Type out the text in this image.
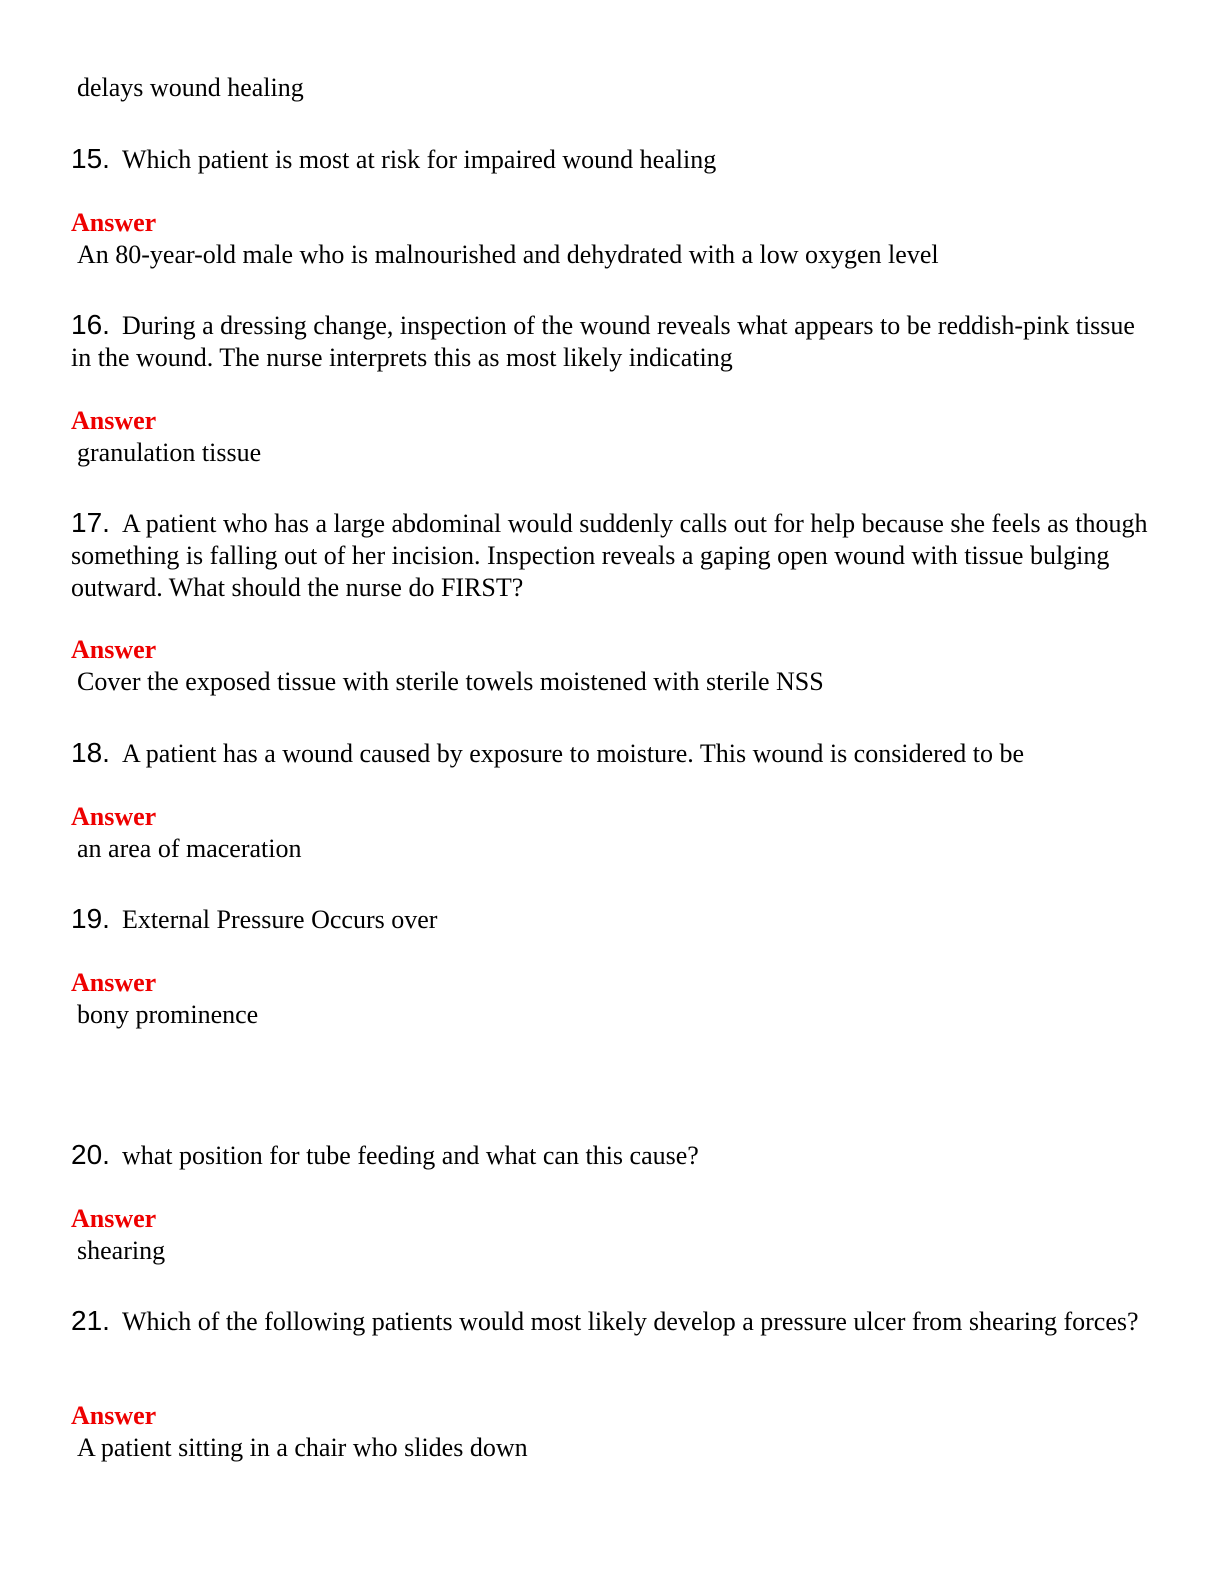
delays wound healing
15. Which patient is most at risk for impaired wound healing
Answer
An 80-year-old male who is malnourished and dehydrated with a low oxygen level
16. During a dressing change, inspection of the wound reveals what appears to be reddish-pink tissue in the wound. The nurse interprets this as most likely indicating
Answer
granulation tissue
17. A patient who has a large abdominal would suddenly calls out for help because she feels as though something is falling out of her incision. Inspection reveals a gaping open wound with tissue bulging outward. What should the nurse do FIRST?
Answer
Cover the exposed tissue with sterile towels moistened with sterile NSS
18. A patient has a wound caused by exposure to moisture. This wound is considered to be
Answer
an area of maceration
19. External Pressure Occurs over
Answer
bony prominence
20. what position for tube feeding and what can this cause?
Answer
shearing
21. Which of the following patients would most likely develop a pressure ulcer from shearing forces?
Answer
A patient sitting in a chair who slides down
